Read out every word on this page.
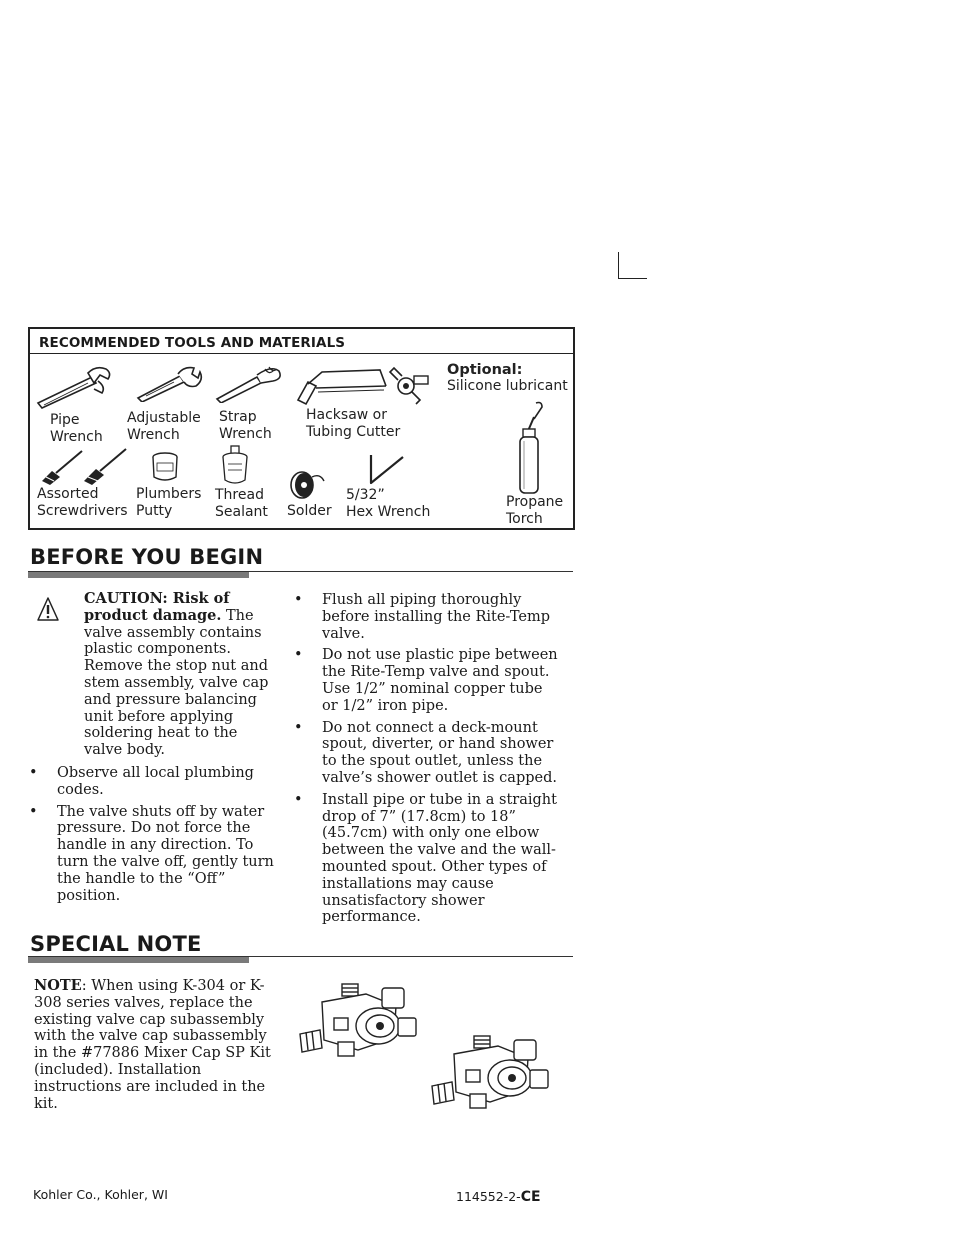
RECOMMENDED TOOLS AND MATERIALS
Pipe
Wrench
Adjustable
Wrench
Strap
Wrench
Hacksaw or
Tubing Cutter
Optional:
Silicone lubricant
Propane
Torch
Assorted
Screwdrivers
Plumbers
Putty
Thread
Sealant Solder
5/32”
Hex Wrench
BEFORE YOU BEGIN
CAUTION: Risk of product damage. The valve assembly contains plastic components. Remove the stop nut and stem assembly, valve cap and pressure balancing unit before applying soldering heat to the valve body.
• Observe all local plumbing codes.
• The valve shuts off by water pressure. Do not force the handle in any direction. To turn the valve off, gently turn the handle to the “Off” position.
• Flush all piping thoroughly before installing the Rite-Temp valve.
• Do not use plastic pipe between the Rite-Temp valve and spout. Use 1/2” nominal copper tube or 1/2” iron pipe.
• Do not connect a deck-mount spout, diverter, or hand shower to the spout outlet, unless the valve’s shower outlet is capped.
• Install pipe or tube in a straight drop of 7” (17.8cm) to 18” (45.7cm) with only one elbow between the valve and the wall-mounted spout. Other types of installations may cause unsatisfactory shower performance.
SPECIAL NOTE
NOTE: When using K-304 or K-308 series valves, replace the existing valve cap subassembly with the valve cap subassembly in the #77886 Mixer Cap SP Kit (included). Installation instructions are included in the kit.
Kohler Co., Kohler, WI	114552-2-CE
